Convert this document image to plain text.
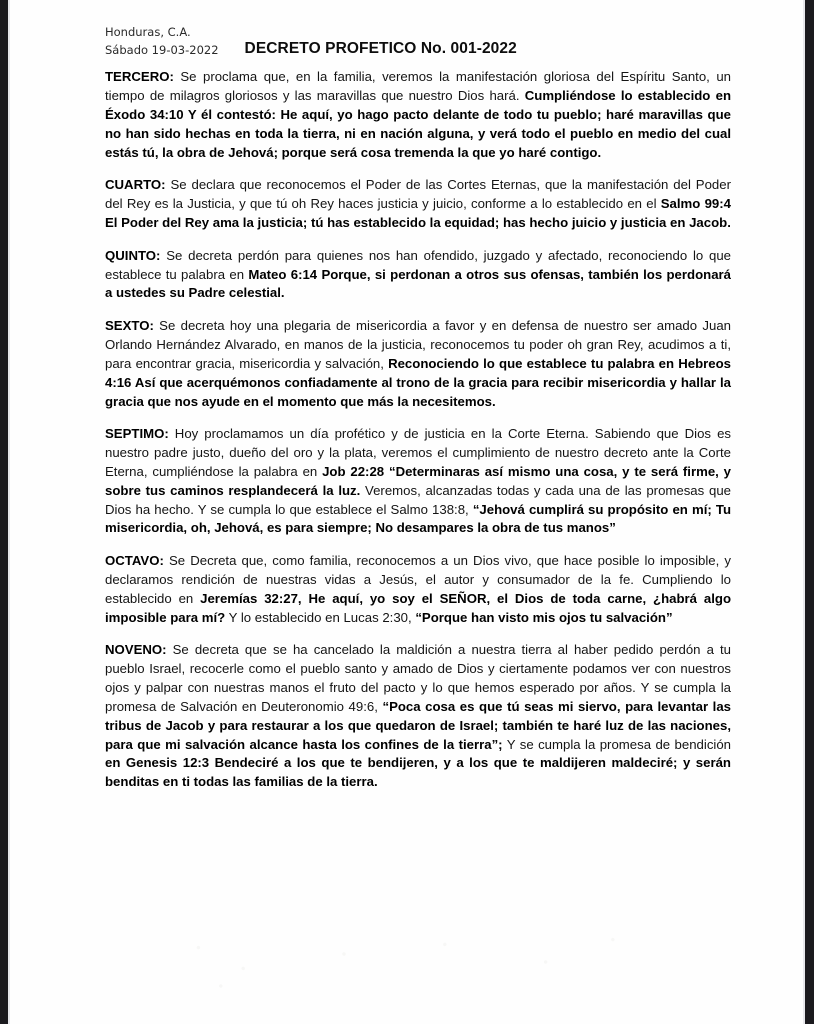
Honduras, C.A.
Sábado 19-03-2022 DECRETO PROFETICO No. 001-2022

TERCERO: Se proclama que, en la familia, veremos la manifestación gloriosa del Espíritu Santo, un tiempo de milagros gloriosos y las maravillas que nuestro Dios hará. Cumpliéndose lo establecido en Éxodo 34:10 Y él contestó: He aquí, yo hago pacto delante de todo tu pueblo; haré maravillas que no han sido hechas en toda la tierra, ni en nación alguna, y verá todo el pueblo en medio del cual estás tú, la obra de Jehová; porque será cosa tremenda la que yo haré contigo.

CUARTO: Se declara que reconocemos el Poder de las Cortes Eternas, que la manifestación del Poder del Rey es la Justicia, y que tú oh Rey haces justicia y juicio, conforme a lo establecido en el Salmo 99:4 El Poder del Rey ama la justicia; tú has establecido la equidad; has hecho juicio y justicia en Jacob.

QUINTO: Se decreta perdón para quienes nos han ofendido, juzgado y afectado, reconociendo lo que establece tu palabra en Mateo 6:14 Porque, si perdonan a otros sus ofensas, también los perdonará a ustedes su Padre celestial.

SEXTO: Se decreta hoy una plegaria de misericordia a favor y en defensa de nuestro ser amado Juan Orlando Hernández Alvarado, en manos de la justicia, reconocemos tu poder oh gran Rey, acudimos a ti, para encontrar gracia, misericordia y salvación, Reconociendo lo que establece tu palabra en Hebreos 4:16 Así que acerquémonos confiadamente al trono de la gracia para recibir misericordia y hallar la gracia que nos ayude en el momento que más la necesitemos.

SEPTIMO: Hoy proclamamos un día profético y de justicia en la Corte Eterna. Sabiendo que Dios es nuestro padre justo, dueño del oro y la plata, veremos el cumplimiento de nuestro decreto ante la Corte Eterna, cumpliéndose la palabra en Job 22:28 “Determinaras así mismo una cosa, y te será firme, y sobre tus caminos resplandecerá la luz. Veremos, alcanzadas todas y cada una de las promesas que Dios ha hecho. Y se cumpla lo que establece el Salmo 138:8, “Jehová cumplirá su propósito en mí; Tu misericordia, oh, Jehová, es para siempre; No desampares la obra de tus manos”

OCTAVO: Se Decreta que, como familia, reconocemos a un Dios vivo, que hace posible lo imposible, y declaramos rendición de nuestras vidas a Jesús, el autor y consumador de la fe. Cumpliendo lo establecido en Jeremías 32:27, He aquí, yo soy el SEÑOR, el Dios de toda carne, ¿habrá algo imposible para mí? Y lo establecido en Lucas 2:30, “Porque han visto mis ojos tu salvación”

NOVENO: Se decreta que se ha cancelado la maldición a nuestra tierra al haber pedido perdón a tu pueblo Israel, recocerle como el pueblo santo y amado de Dios y ciertamente podamos ver con nuestros ojos y palpar con nuestras manos el fruto del pacto y lo que hemos esperado por años. Y se cumpla la promesa de Salvación en Deuteronomio 49:6, “Poca cosa es que tú seas mi siervo, para levantar las tribus de Jacob y para restaurar a los que quedaron de Israel; también te haré luz de las naciones, para que mi salvación alcance hasta los confines de la tierra”; Y se cumpla la promesa de bendición en Genesis 12:3 Bendeciré a los que te bendijeren, y a los que te maldijeren maldeciré; y serán benditas en ti todas las familias de la tierra.
